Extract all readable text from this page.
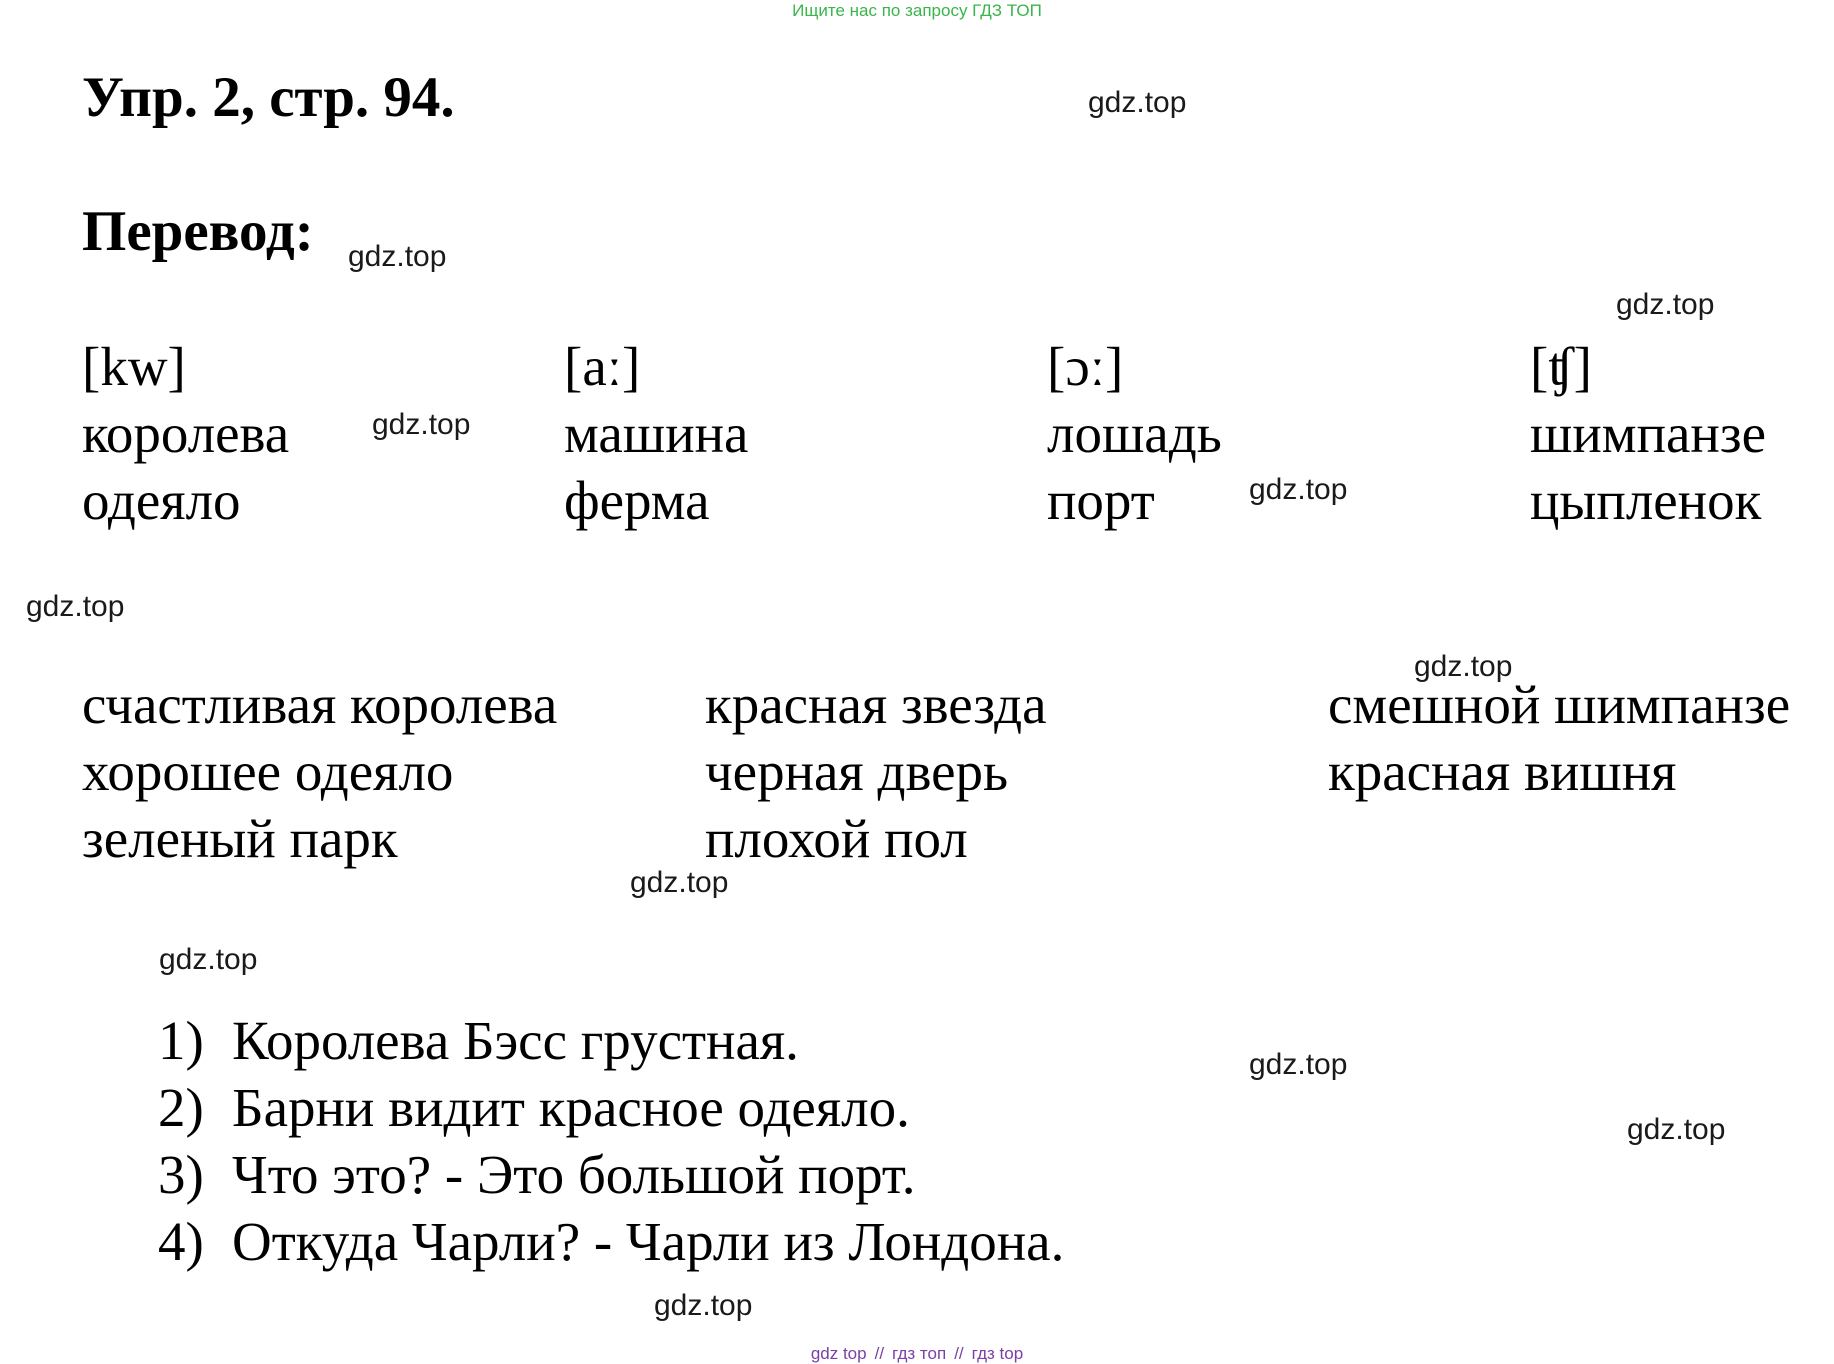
Ищите нас по запросу ГДЗ ТОП
Упр. 2, стр. 94.
Перевод:
[kw]
королева
одеяло
[aː]
машина
ферма
[ɔː]
лошадь
порт
[ʧ]
шимпанзе
цыпленок
счастливая королева
хорошее одеяло
зеленый парк
красная звезда
черная дверь
плохой пол
смешной шимпанзе
красная вишня
1) Королева Бэсс грустная.
2) Барни видит красное одеяло.
3) Что это? - Это большой порт.
4) Откуда Чарли? - Чарли из Лондона.
gdz.top
gdz.top
gdz.top
gdz.top
gdz.top
gdz.top
gdz.top
gdz.top
gdz.top
gdz.top
gdz.top
gdz.top
gdz top // гдз топ // гдз top
